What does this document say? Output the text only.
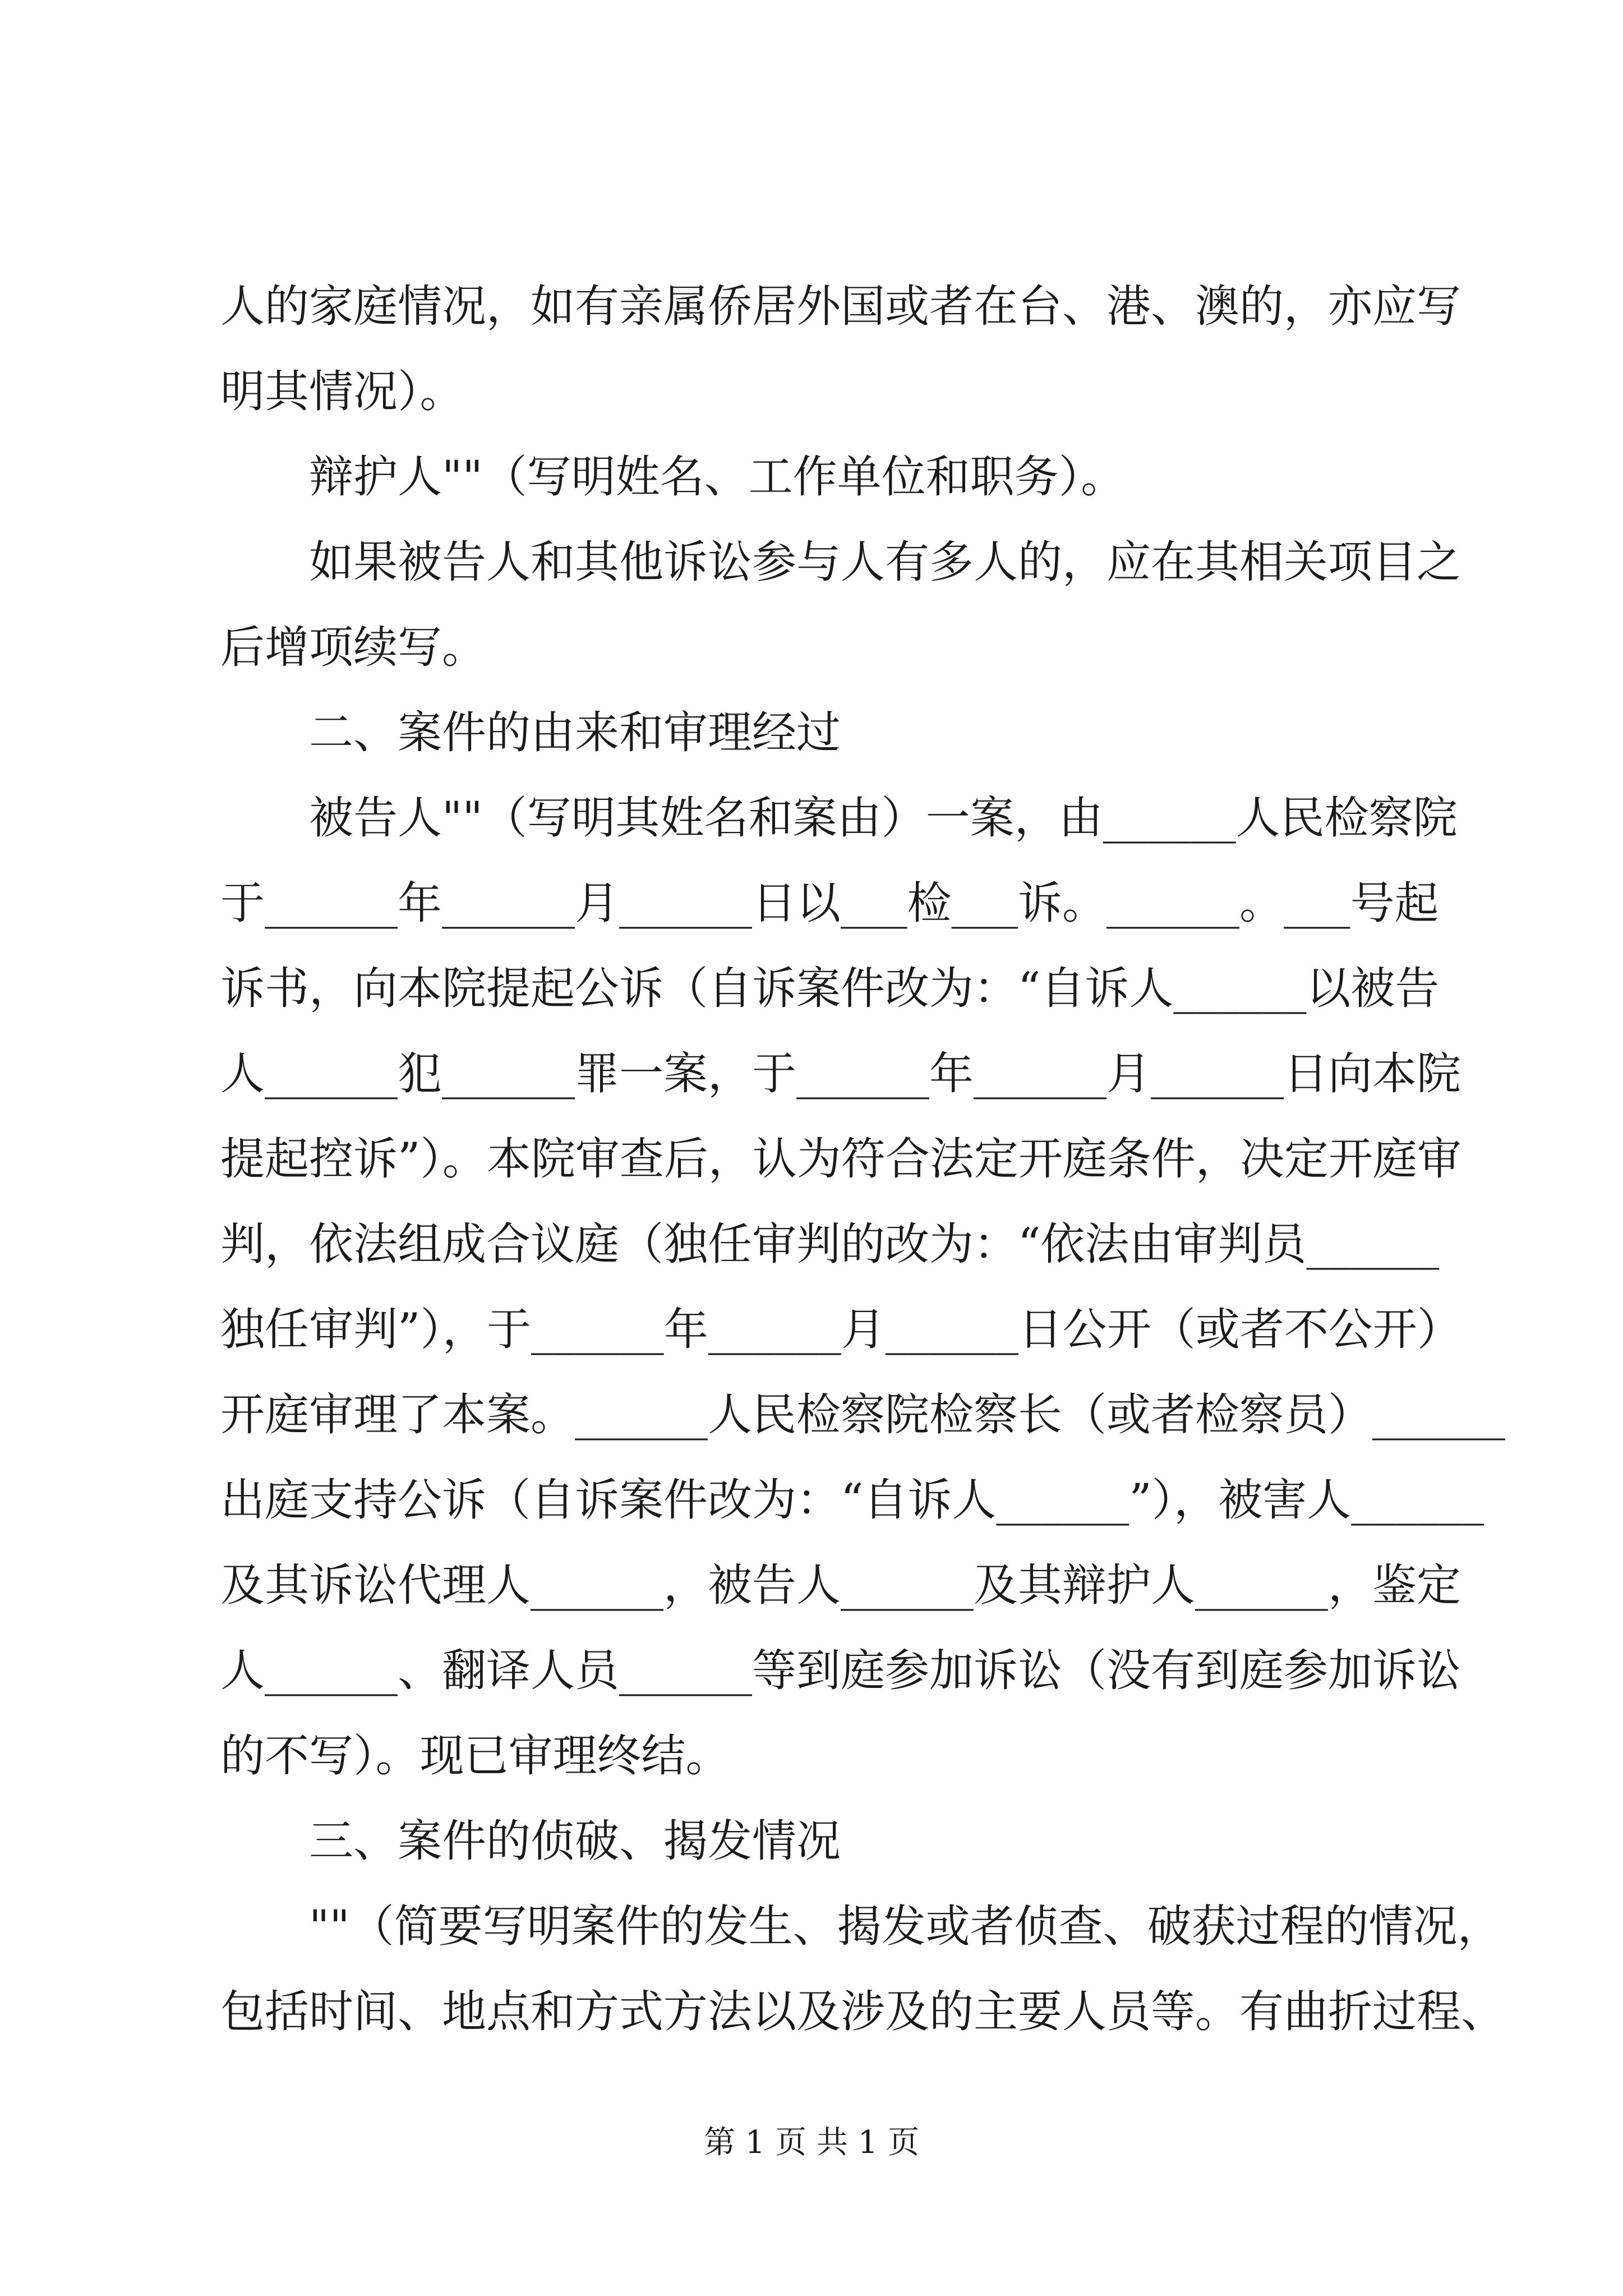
人的家庭情况，如有亲属侨居外国或者在台、港、澳的，亦应写
明其情况）。
辩护人""（写明姓名、工作单位和职务）。
如果被告人和其他诉讼参与人有多人的，应在其相关项目之
后增项续写。
二、案件的由来和审理经过
被告人""（写明其姓名和案由）一案，由______人民检察院
于______年______月______日以___检___诉。______。___号起
诉书，向本院提起公诉（自诉案件改为：“自诉人______以被告
人______犯______罪一案，于______年______月______日向本院
提起控诉”）。本院审查后，认为符合法定开庭条件，决定开庭审
判，依法组成合议庭（独任审判的改为：“依法由审判员______
独任审判”），于______年______月______日公开（或者不公开）
开庭审理了本案。______人民检察院检察长（或者检察员）______
出庭支持公诉（自诉案件改为：“自诉人______”），被害人______
及其诉讼代理人______，被告人______及其辩护人______，鉴定
人______、翻译人员______等到庭参加诉讼（没有到庭参加诉讼
的不写）。现已审理终结。
三、案件的侦破、揭发情况
""（简要写明案件的发生、揭发或者侦查、破获过程的情况，
包括时间、地点和方式方法以及涉及的主要人员等。有曲折过程、
第 1 页 共 1 页
